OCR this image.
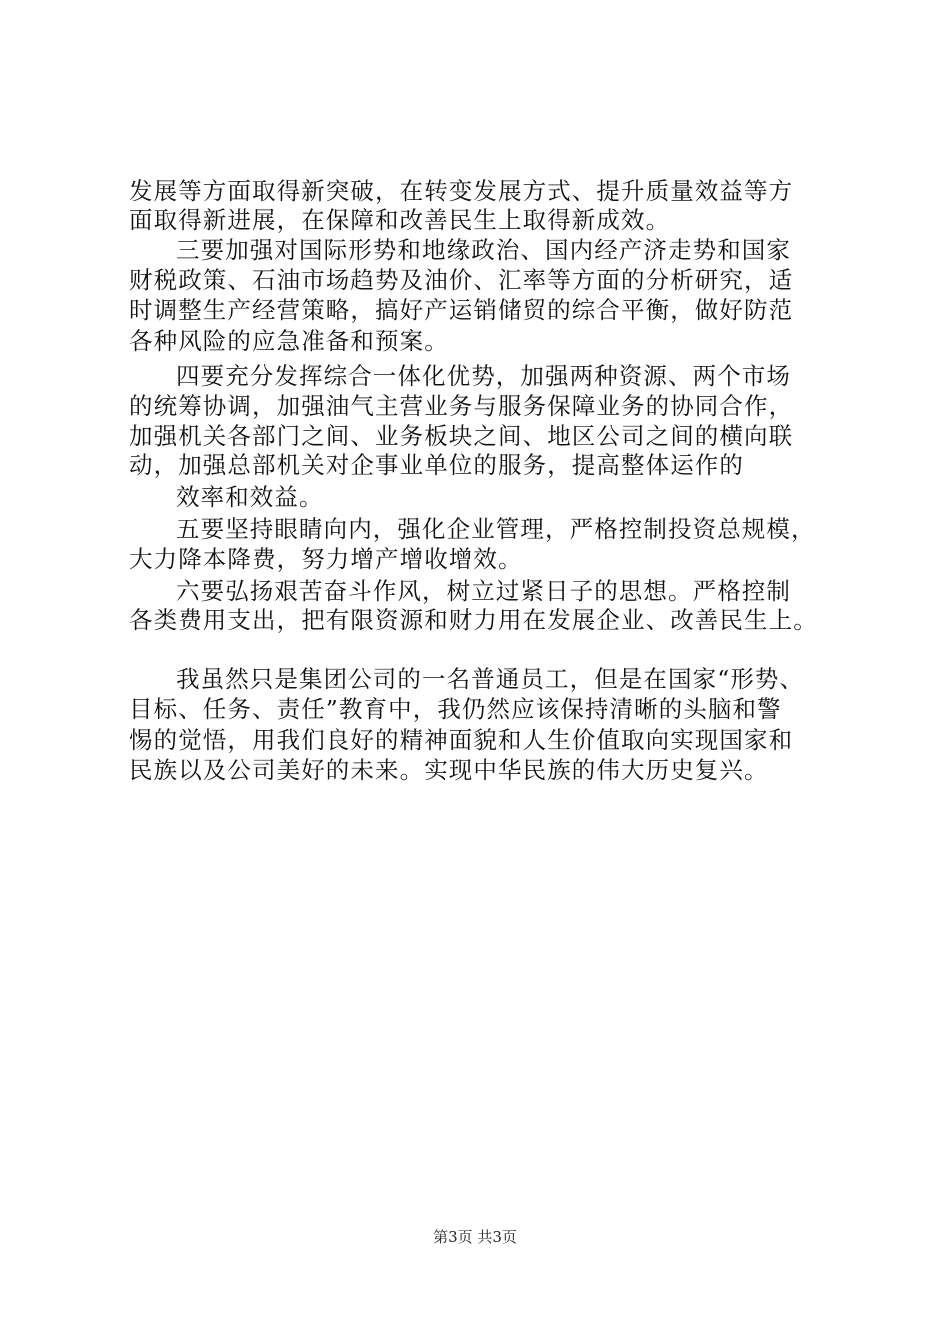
发展等方面取得新突破，在转变发展方式、提升质量效益等方
面取得新进展，在保障和改善民生上取得新成效。
三要加强对国际形势和地缘政治、国内经产济走势和国家
财税政策、石油市场趋势及油价、汇率等方面的分析研究，适
时调整生产经营策略，搞好产运销储贸的综合平衡，做好防范
各种风险的应急准备和预案。
四要充分发挥综合一体化优势，加强两种资源、两个市场
的统筹协调，加强油气主营业务与服务保障业务的协同合作，
加强机关各部门之间、业务板块之间、地区公司之间的横向联
动，加强总部机关对企事业单位的服务，提高整体运作的
效率和效益。
五要坚持眼睛向内，强化企业管理，严格控制投资总规模，
大力降本降费，努力增产增收增效。
六要弘扬艰苦奋斗作风，树立过紧日子的思想。严格控制
各类费用支出，把有限资源和财力用在发展企业、改善民生上。
我虽然只是集团公司的一名普通员工，但是在国家“形势、
目标、任务、责任”教育中，我仍然应该保持清晰的头脑和警
惕的觉悟，用我们良好的精神面貌和人生价值取向实现国家和
民族以及公司美好的未来。实现中华民族的伟大历史复兴。
第3页 共3页
